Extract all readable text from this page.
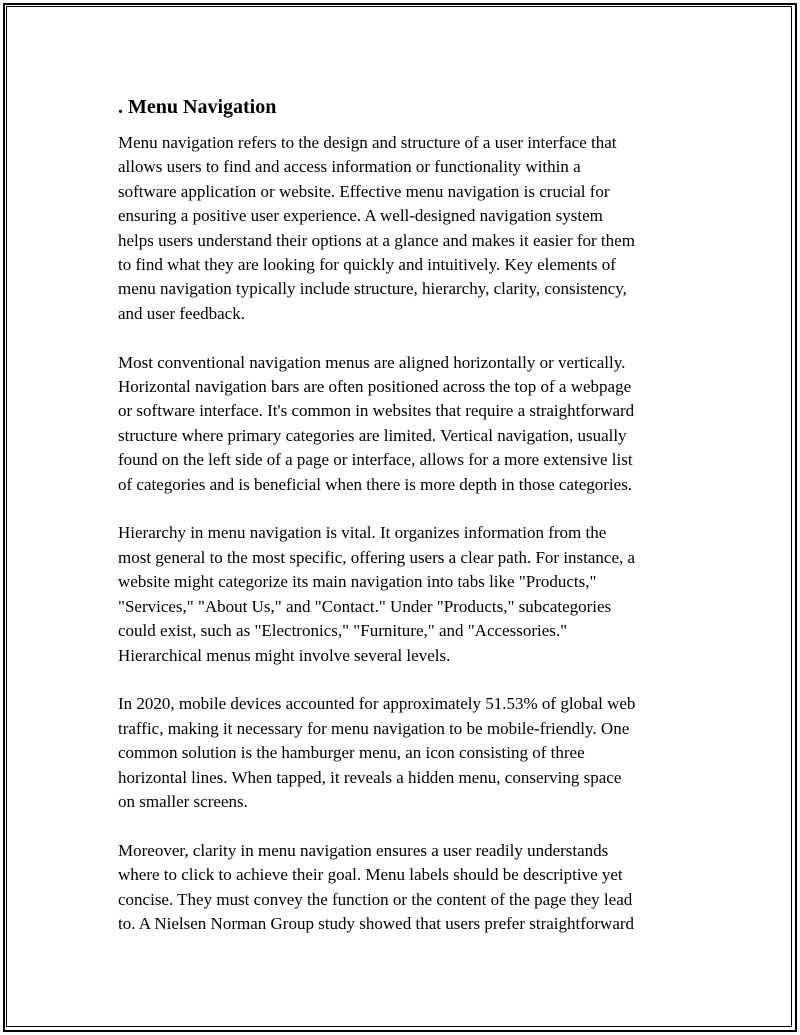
. Menu Navigation

Menu navigation refers to the design and structure of a user interface that
allows users to find and access information or functionality within a
software application or website. Effective menu navigation is crucial for
ensuring a positive user experience. A well-designed navigation system
helps users understand their options at a glance and makes it easier for them
to find what they are looking for quickly and intuitively. Key elements of
menu navigation typically include structure, hierarchy, clarity, consistency,
and user feedback.

Most conventional navigation menus are aligned horizontally or vertically.
Horizontal navigation bars are often positioned across the top of a webpage
or software interface. It's common in websites that require a straightforward
structure where primary categories are limited. Vertical navigation, usually
found on the left side of a page or interface, allows for a more extensive list
of categories and is beneficial when there is more depth in those categories.

Hierarchy in menu navigation is vital. It organizes information from the
most general to the most specific, offering users a clear path. For instance, a
website might categorize its main navigation into tabs like "Products,"
"Services," "About Us," and "Contact." Under "Products," subcategories
could exist, such as "Electronics," "Furniture," and "Accessories."
Hierarchical menus might involve several levels.

In 2020, mobile devices accounted for approximately 51.53% of global web
traffic, making it necessary for menu navigation to be mobile-friendly. One
common solution is the hamburger menu, an icon consisting of three
horizontal lines. When tapped, it reveals a hidden menu, conserving space
on smaller screens.

Moreover, clarity in menu navigation ensures a user readily understands
where to click to achieve their goal. Menu labels should be descriptive yet
concise. They must convey the function or the content of the page they lead
to. A Nielsen Norman Group study showed that users prefer straightforward
